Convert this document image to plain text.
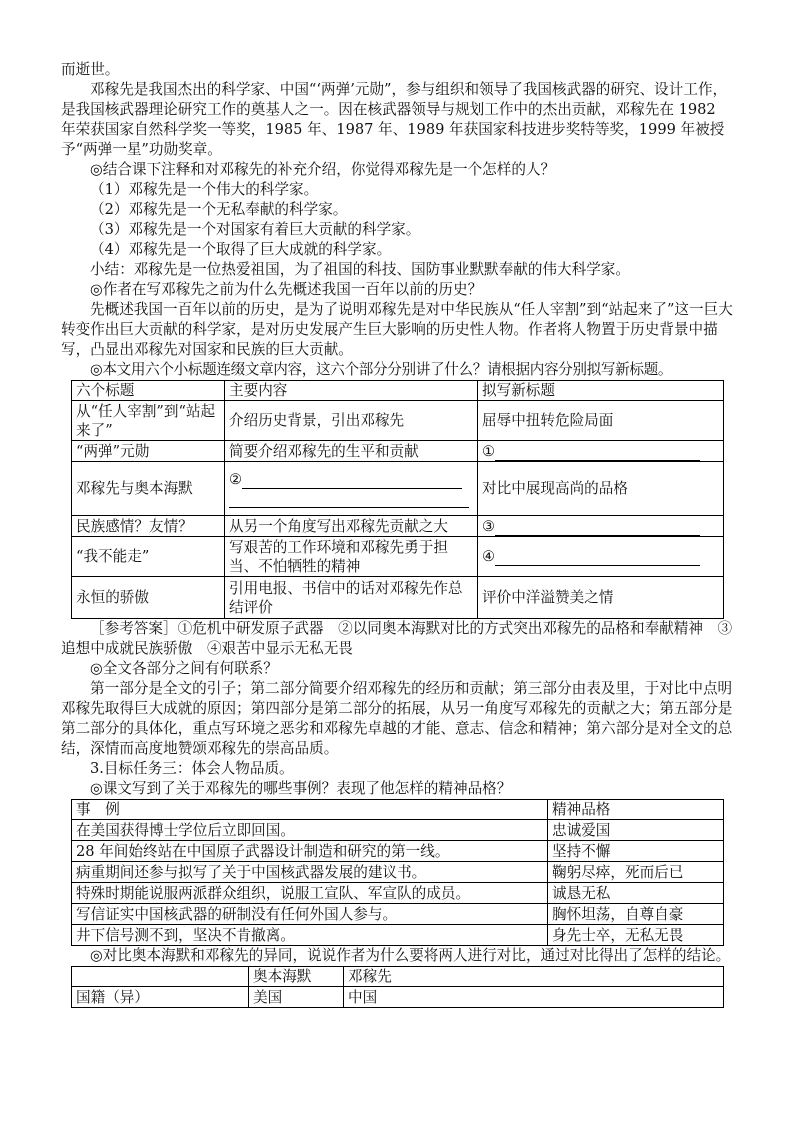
而逝世。

邓稼先是我国杰出的科学家、中国“‘两弹’元勋”，参与组织和领导了我国核武器的研究、设计工作，是我国核武器理论研究工作的奠基人之一。因在核武器领导与规划工作中的杰出贡献，邓稼先在 1982 年荣获国家自然科学奖一等奖，1985 年、1987 年、1989 年获国家科技进步奖特等奖，1999 年被授予“两弹一星”功勋奖章。

◎结合课下注释和对邓稼先的补充介绍，你觉得邓稼先是一个怎样的人？

（1）邓稼先是一个伟大的科学家。

（2）邓稼先是一个无私奉献的科学家。

（3）邓稼先是一个对国家有着巨大贡献的科学家。

（4）邓稼先是一个取得了巨大成就的科学家。

小结：邓稼先是一位热爱祖国，为了祖国的科技、国防事业默默奉献的伟大科学家。

◎作者在写邓稼先之前为什么先概述我国一百年以前的历史？

先概述我国一百年以前的历史，是为了说明邓稼先是对中华民族从“任人宰割”到“站起来了”这一巨大转变作出巨大贡献的科学家，是对历史发展产生巨大影响的历史性人物。作者将人物置于历史背景中描写，凸显出邓稼先对国家和民族的巨大贡献。

◎本文用六个小标题连缀文章内容，这六个部分分别讲了什么？请根据内容分别拟写新标题。

六个标题	主要内容	拟写新标题
从“任人宰割”到“站起来了”	介绍历史背景，引出邓稼先	屈辱中扭转危险局面
“两弹”元勋	简要介绍邓稼先的生平和贡献	①
邓稼先与奥本海默	②	对比中展现高尚的品格
民族感情？友情？	从另一个角度写出邓稼先贡献之大	③
“我不能走”	写艰苦的工作环境和邓稼先勇于担当、不怕牺牲的精神	④
永恒的骄傲	引用电报、书信中的话对邓稼先作总结评价	评价中洋溢赞美之情

［参考答案］①危机中研发原子武器　②以同奥本海默对比的方式突出邓稼先的品格和奉献精神　③追想中成就民族骄傲　④艰苦中显示无私无畏

◎全文各部分之间有何联系？

第一部分是全文的引子；第二部分简要介绍邓稼先的经历和贡献；第三部分由表及里，于对比中点明邓稼先取得巨大成就的原因；第四部分是第二部分的拓展，从另一角度写邓稼先的贡献之大；第五部分是第二部分的具体化，重点写环境之恶劣和邓稼先卓越的才能、意志、信念和精神；第六部分是对全文的总结，深情而高度地赞颂邓稼先的崇高品质。

3.目标任务三：体会人物品质。

◎课文写到了关于邓稼先的哪些事例？表现了他怎样的精神品格？

事　例	精神品格
在美国获得博士学位后立即回国。	忠诚爱国
28 年间始终站在中国原子武器设计制造和研究的第一线。	坚持不懈
病重期间还参与拟写了关于中国核武器发展的建议书。	鞠躬尽瘁，死而后已
特殊时期能说服两派群众组织，说服工宣队、军宣队的成员。	诚恳无私
写信证实中国核武器的研制没有任何外国人参与。	胸怀坦荡，自尊自豪
井下信号测不到，坚决不肯撤离。	身先士卒，无私无畏

◎对比奥本海默和邓稼先的异同，说说作者为什么要将两人进行对比，通过对比得出了怎样的结论。

	奥本海默	邓稼先
国籍（异）	美国	中国
